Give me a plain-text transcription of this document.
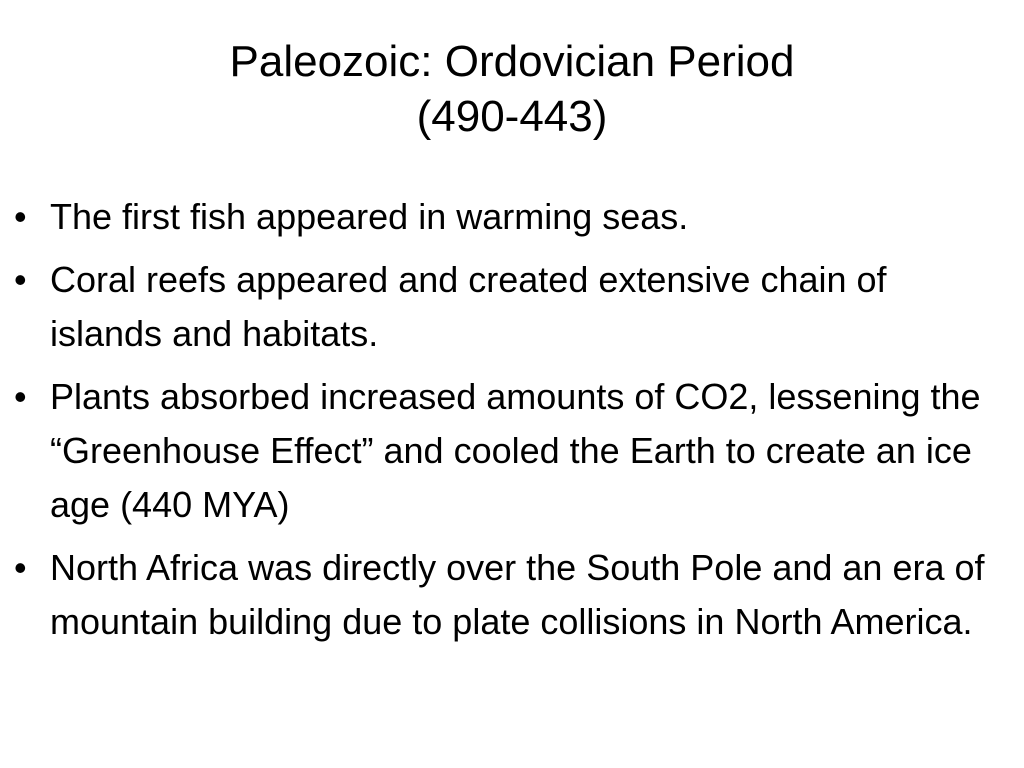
Paleozoic: Ordovician Period
(490-443)
• The first fish appeared in warming seas.
• Coral reefs appeared and created extensive chain of islands and habitats.
• Plants absorbed increased amounts of CO2, lessening the “Greenhouse Effect” and cooled the Earth to create an ice age (440 MYA)
• North Africa was directly over the South Pole and an era of mountain building due to plate collisions in North America.
